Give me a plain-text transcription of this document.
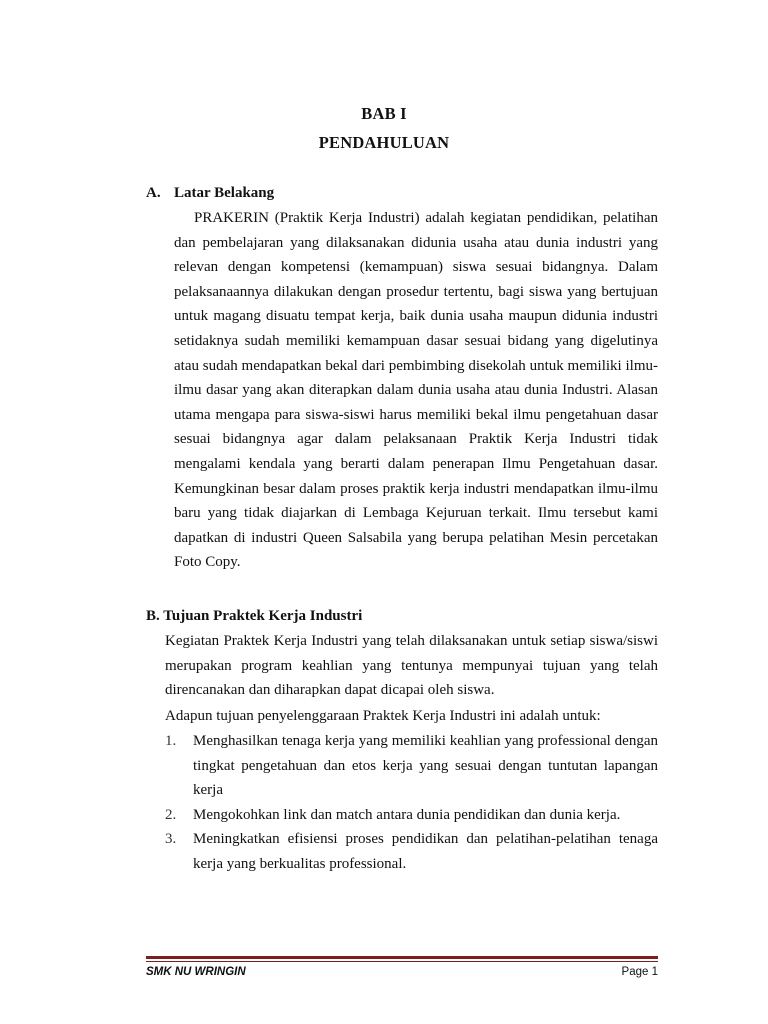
BAB I
PENDAHULUAN
A. Latar Belakang

PRAKERIN (Praktik Kerja Industri) adalah kegiatan pendidikan, pelatihan dan pembelajaran yang dilaksanakan didunia usaha atau dunia industri yang relevan dengan kompetensi (kemampuan) siswa sesuai bidangnya. Dalam pelaksanaannya dilakukan dengan prosedur tertentu, bagi siswa yang bertujuan untuk magang disuatu tempat kerja, baik dunia usaha maupun didunia industri setidaknya sudah memiliki kemampuan dasar sesuai bidang yang digelutinya atau sudah mendapatkan bekal dari pembimbing disekolah untuk memiliki ilmu-ilmu dasar yang akan diterapkan dalam dunia usaha atau dunia Industri. Alasan utama mengapa para siswa-siswi harus memiliki bekal ilmu pengetahuan dasar sesuai bidangnya agar dalam pelaksanaan Praktik Kerja Industri tidak mengalami kendala yang berarti dalam penerapan Ilmu Pengetahuan dasar. Kemungkinan besar dalam proses praktik kerja industri mendapatkan ilmu-ilmu baru yang tidak diajarkan di Lembaga Kejuruan terkait. Ilmu tersebut kami dapatkan di industri Queen Salsabila yang berupa pelatihan Mesin percetakan Foto Copy.

B. Tujuan Praktek Kerja Industri

Kegiatan Praktek Kerja Industri yang telah dilaksanakan untuk setiap siswa/siswi merupakan program keahlian yang tentunya mempunyai tujuan yang telah direncanakan dan diharapkan dapat dicapai oleh siswa.

Adapun tujuan penyelenggaraan Praktek Kerja Industri ini adalah untuk:

1.	Menghasilkan tenaga kerja yang memiliki keahlian yang professional dengan tingkat pengetahuan dan etos kerja yang sesuai dengan tuntutan lapangan kerja
2.	Mengokohkan link dan match antara dunia pendidikan dan dunia kerja.
3.	Meningkatkan efisiensi proses pendidikan dan pelatihan-pelatihan tenaga kerja yang berkualitas professional.
SMK NU WRINGIN	Page 1
